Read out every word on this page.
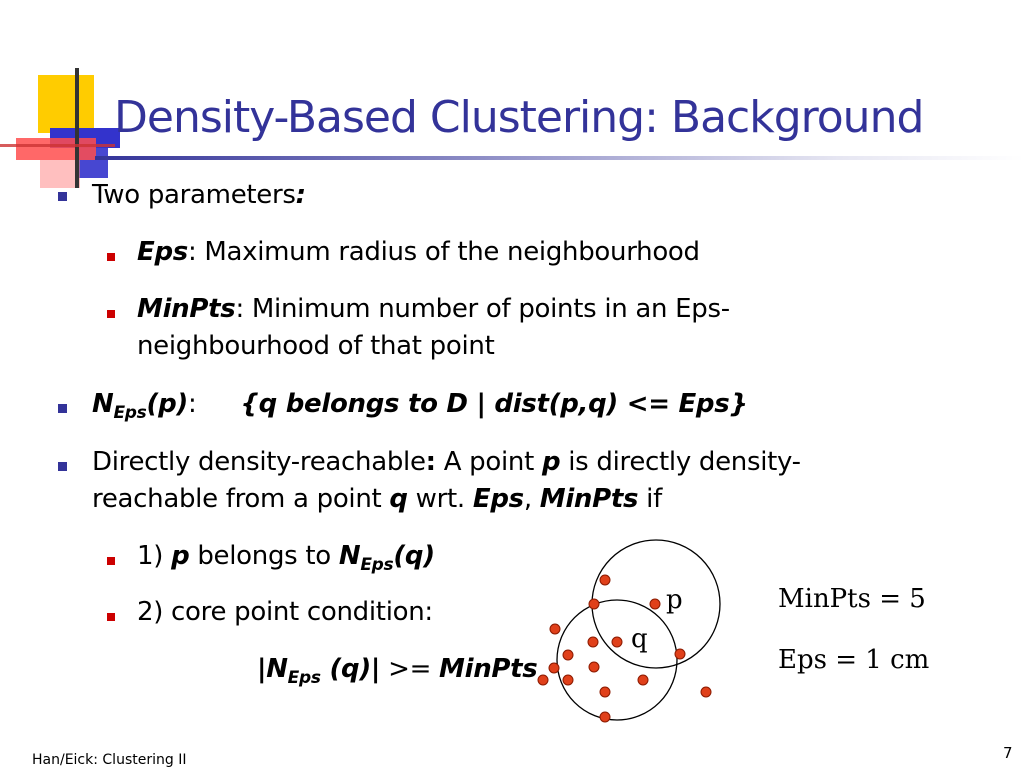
Density-Based Clustering: Background
Two parameters:
Eps: Maximum radius of the neighbourhood
MinPts: Minimum number of points in an Eps-
neighbourhood of that point
$N_{Eps}(p)$: {q belongs to D | dist(p,q) <= Eps}
Directly density-reachable: A point p is directly density-
reachable from a point q wrt. Eps, MinPts if
1) p belongs to $N_{Eps}(q)$
2) core point condition:
$|N_{Eps}$ (q)| >= MinPts
p
q
MinPts = 5
Eps = 1 cm
Han/Eick: Clustering II	7
